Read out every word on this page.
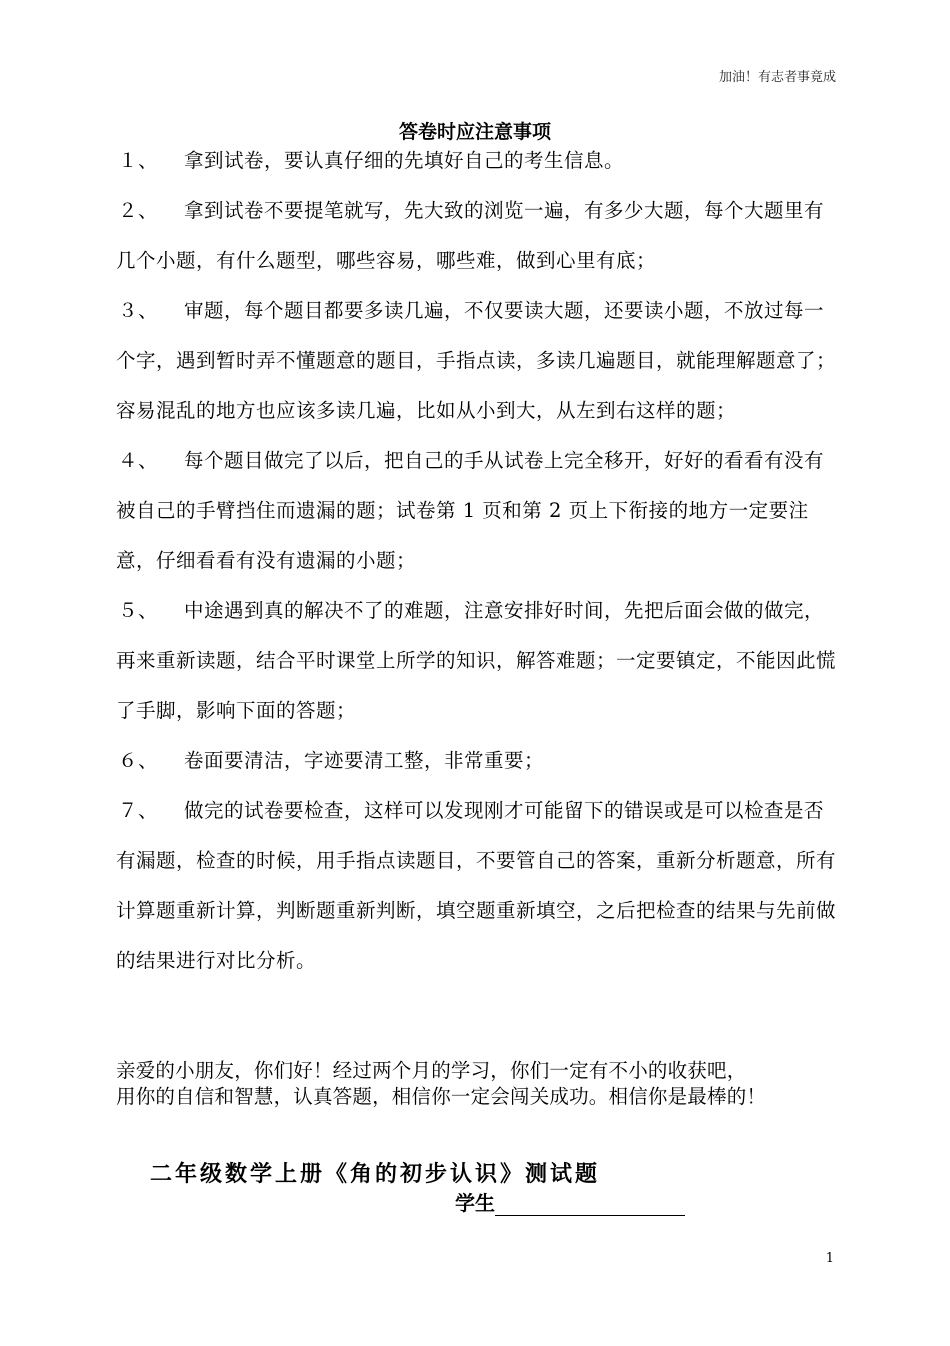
加油！有志者事竟成
答卷时应注意事项

１、 拿到试卷，要认真仔细的先填好自己的考生信息。

２、 拿到试卷不要提笔就写，先大致的浏览一遍，有多少大题，每个大题里有几个小题，有什么题型，哪些容易，哪些难，做到心里有底；

３、 审题，每个题目都要多读几遍，不仅要读大题，还要读小题，不放过每一个字，遇到暂时弄不懂题意的题目，手指点读，多读几遍题目，就能理解题意了；容易混乱的地方也应该多读几遍，比如从小到大，从左到右这样的题；

４、 每个题目做完了以后，把自己的手从试卷上完全移开，好好的看看有没有被自己的手臂挡住而遗漏的题；试卷第 1 页和第 2 页上下衔接的地方一定要注意，仔细看看有没有遗漏的小题；

５、 中途遇到真的解决不了的难题，注意安排好时间，先把后面会做的做完，再来重新读题，结合平时课堂上所学的知识，解答难题；一定要镇定，不能因此慌了手脚，影响下面的答题；

６、 卷面要清洁，字迹要清工整，非常重要；

７、 做完的试卷要检查，这样可以发现刚才可能留下的错误或是可以检查是否有漏题，检查的时候，用手指点读题目，不要管自己的答案，重新分析题意，所有计算题重新计算，判断题重新判断，填空题重新填空，之后把检查的结果与先前做的结果进行对比分析。

亲爱的小朋友，你们好！经过两个月的学习，你们一定有不小的收获吧，
用你的自信和智慧，认真答题，相信你一定会闯关成功。相信你是最棒的！
二年级数学上册《角的初步认识》测试题
学生
1
